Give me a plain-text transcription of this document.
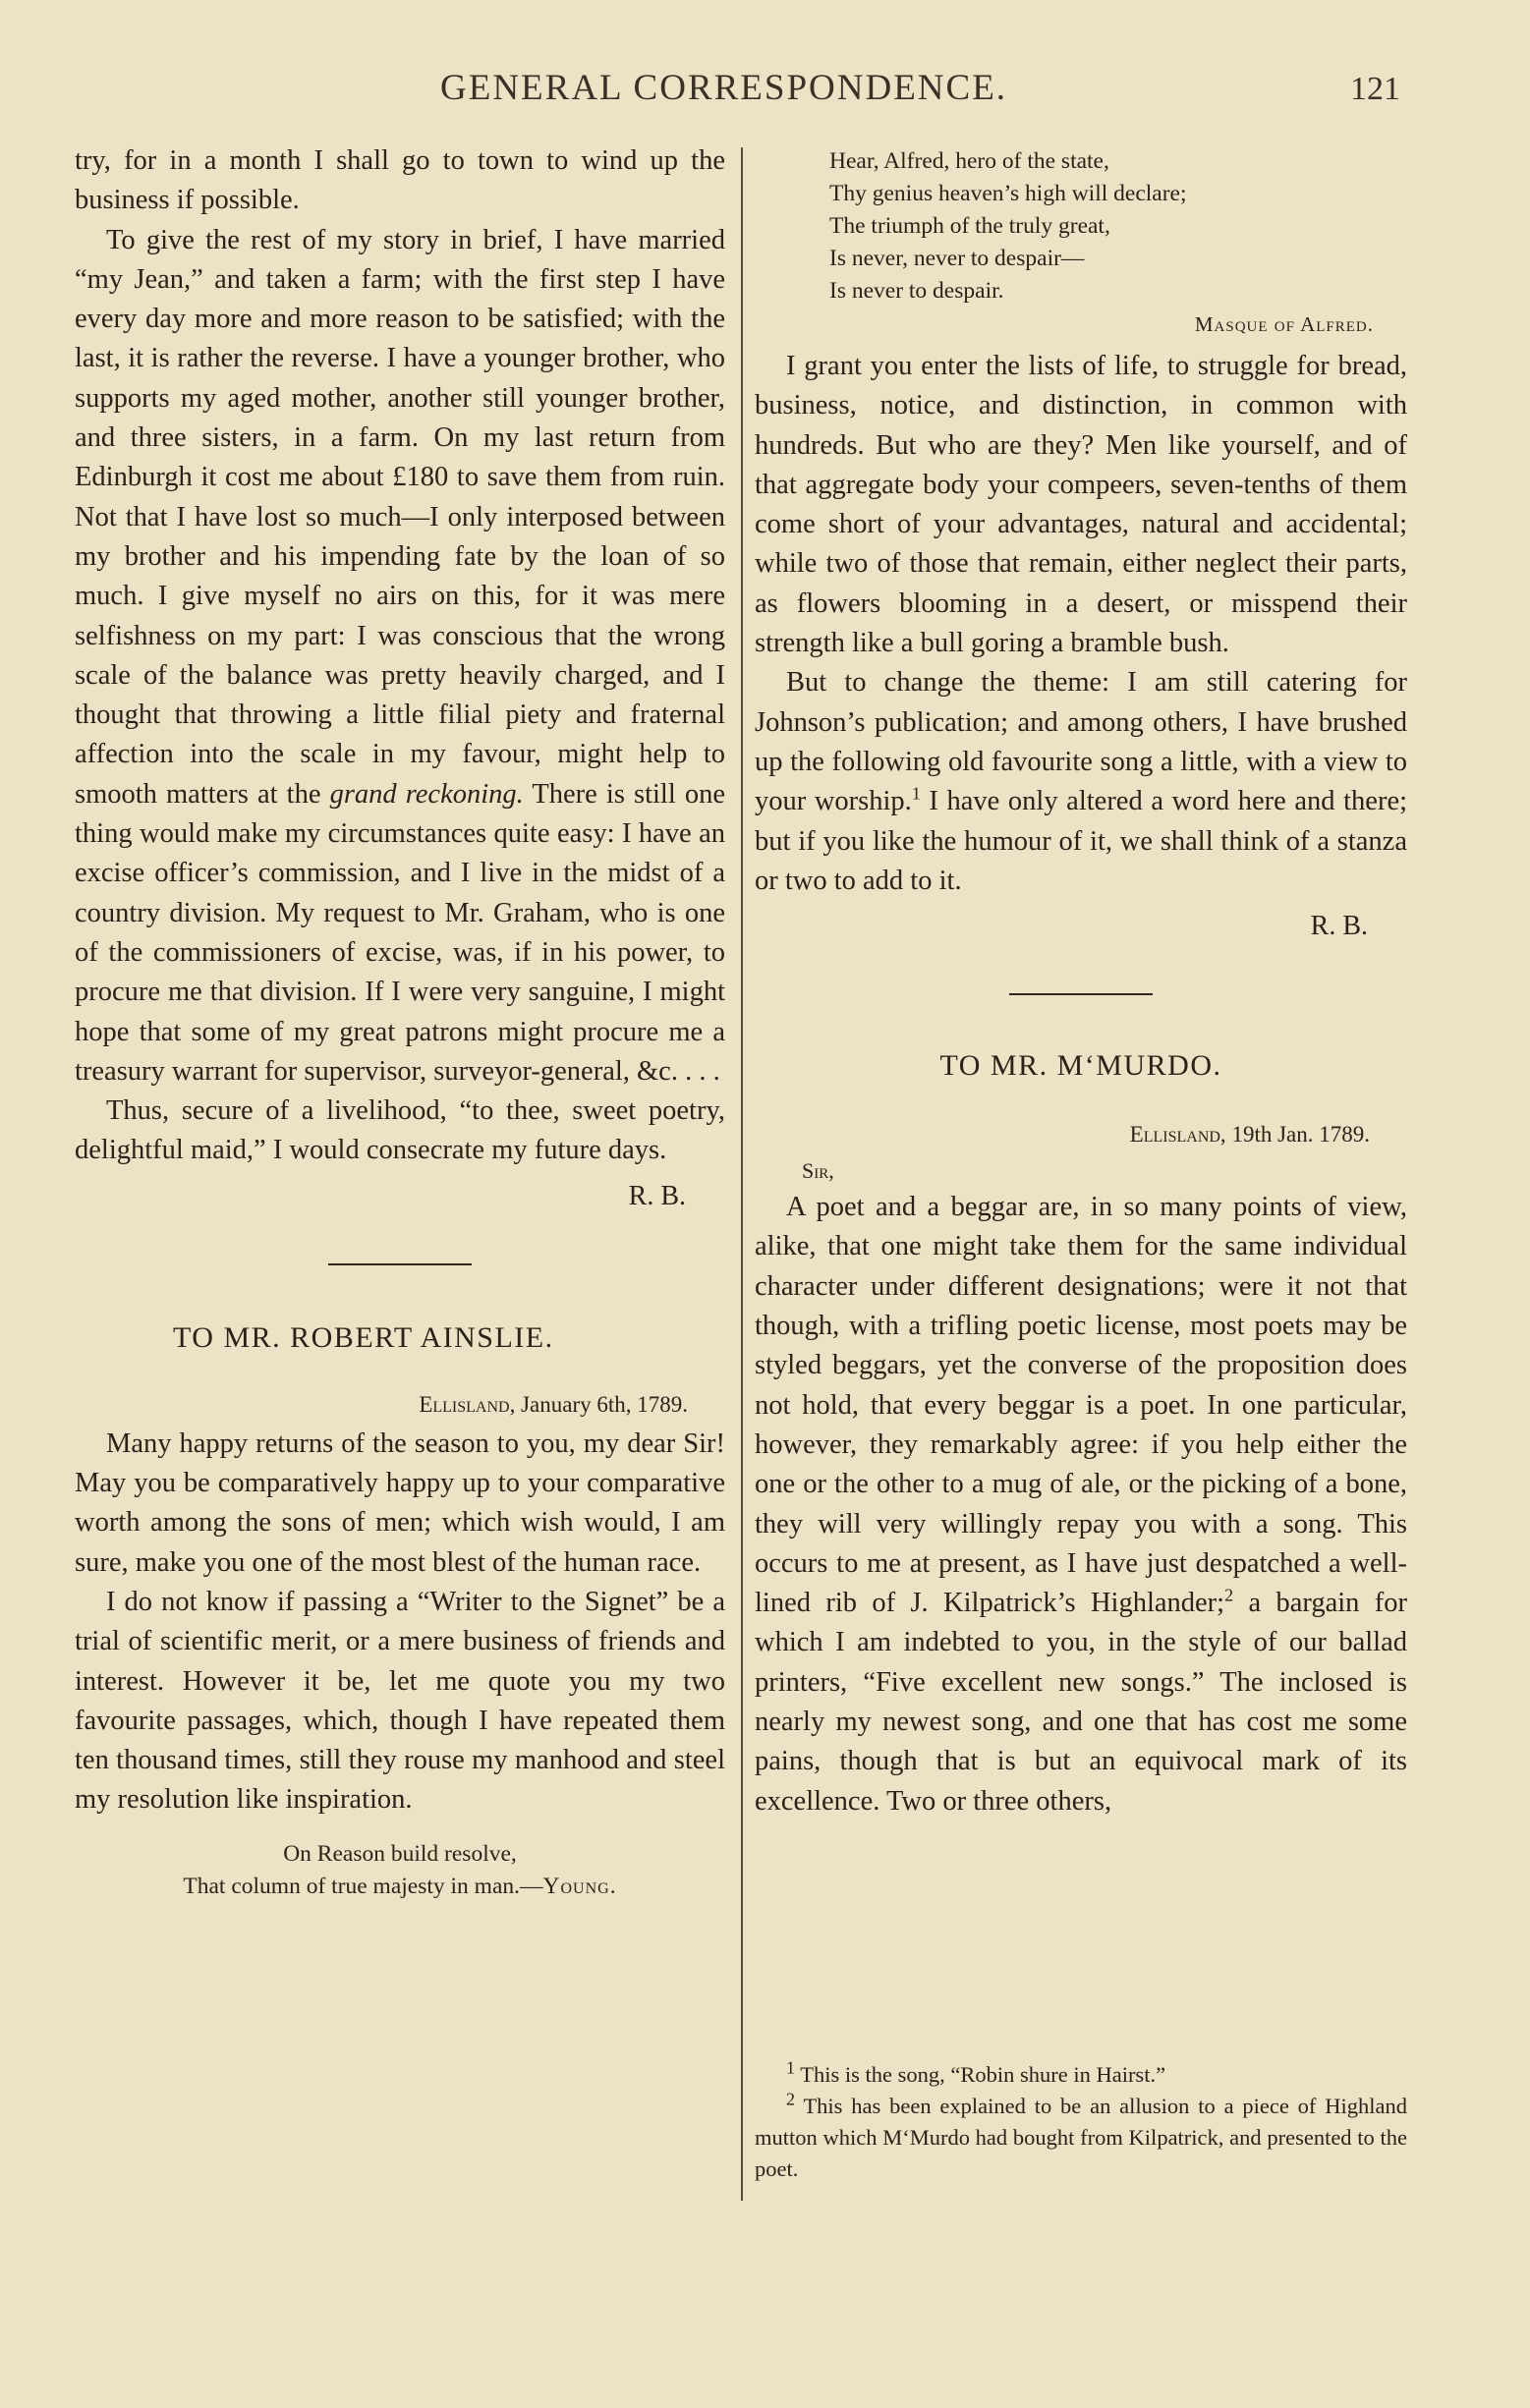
GENERAL CORRESPONDENCE.	121

try, for in a month I shall go to town to wind up the business if possible.

To give the rest of my story in brief, I have married “my Jean,” and taken a farm; with the first step I have every day more and more reason to be satisfied; with the last, it is rather the reverse. I have a younger brother, who supports my aged mother, another still younger brother, and three sisters, in a farm. On my last return from Edinburgh it cost me about £180 to save them from ruin. Not that I have lost so much—I only interposed between my brother and his impending fate by the loan of so much. I give myself no airs on this, for it was mere selfishness on my part: I was conscious that the wrong scale of the balance was pretty heavily charged, and I thought that throwing a little filial piety and fraternal affection into the scale in my favour, might help to smooth matters at the grand reckoning. There is still one thing would make my circumstances quite easy: I have an excise officer’s commission, and I live in the midst of a country division. My request to Mr. Graham, who is one of the commissioners of excise, was, if in his power, to procure me that division. If I were very sanguine, I might hope that some of my great patrons might procure me a treasury warrant for supervisor, surveyor-general, &c. . . .

Thus, secure of a livelihood, “to thee, sweet poetry, delightful maid,” I would consecrate my future days.

R. B.

TO MR. ROBERT AINSLIE.

Ellisland, January 6th, 1789.

Many happy returns of the season to you, my dear Sir! May you be comparatively happy up to your comparative worth among the sons of men; which wish would, I am sure, make you one of the most blest of the human race.

I do not know if passing a “Writer to the Signet” be a trial of scientific merit, or a mere business of friends and interest. However it be, let me quote you my two favourite passages, which, though I have repeated them ten thousand times, still they rouse my manhood and steel my resolution like inspiration.

On Reason build resolve,
That column of true majesty in man.—Young.
Hear, Alfred, hero of the state,
Thy genius heaven’s high will declare;
The triumph of the truly great,
Is never, never to despair—
Is never to despair.

Masque of Alfred.

I grant you enter the lists of life, to struggle for bread, business, notice, and distinction, in common with hundreds. But who are they? Men like yourself, and of that aggregate body your compeers, seven-tenths of them come short of your advantages, natural and accidental; while two of those that remain, either neglect their parts, as flowers blooming in a desert, or misspend their strength like a bull goring a bramble bush.

But to change the theme: I am still catering for Johnson’s publication; and among others, I have brushed up the following old favourite song a little, with a view to your worship.$^1$ I have only altered a word here and there; but if you like the humour of it, we shall think of a stanza or two to add to it.

R. B.

TO MR. M‘MURDO.

Ellisland, 19th Jan. 1789.

Sir,

A poet and a beggar are, in so many points of view, alike, that one might take them for the same individual character under different designations; were it not that though, with a trifling poetic license, most poets may be styled beggars, yet the converse of the proposition does not hold, that every beggar is a poet. In one particular, however, they remarkably agree: if you help either the one or the other to a mug of ale, or the picking of a bone, they will very willingly repay you with a song. This occurs to me at present, as I have just despatched a well-lined rib of J. Kilpatrick’s Highlander;$^2$ a bargain for which I am indebted to you, in the style of our ballad printers, “Five excellent new songs.” The inclosed is nearly my newest song, and one that has cost me some pains, though that is but an equivocal mark of its excellence. Two or three others,

$^1$ This is the song, “Robin shure in Hairst.”

$^2$ This has been explained to be an allusion to a piece of Highland mutton which M‘Murdo had bought from Kilpatrick, and presented to the poet.
